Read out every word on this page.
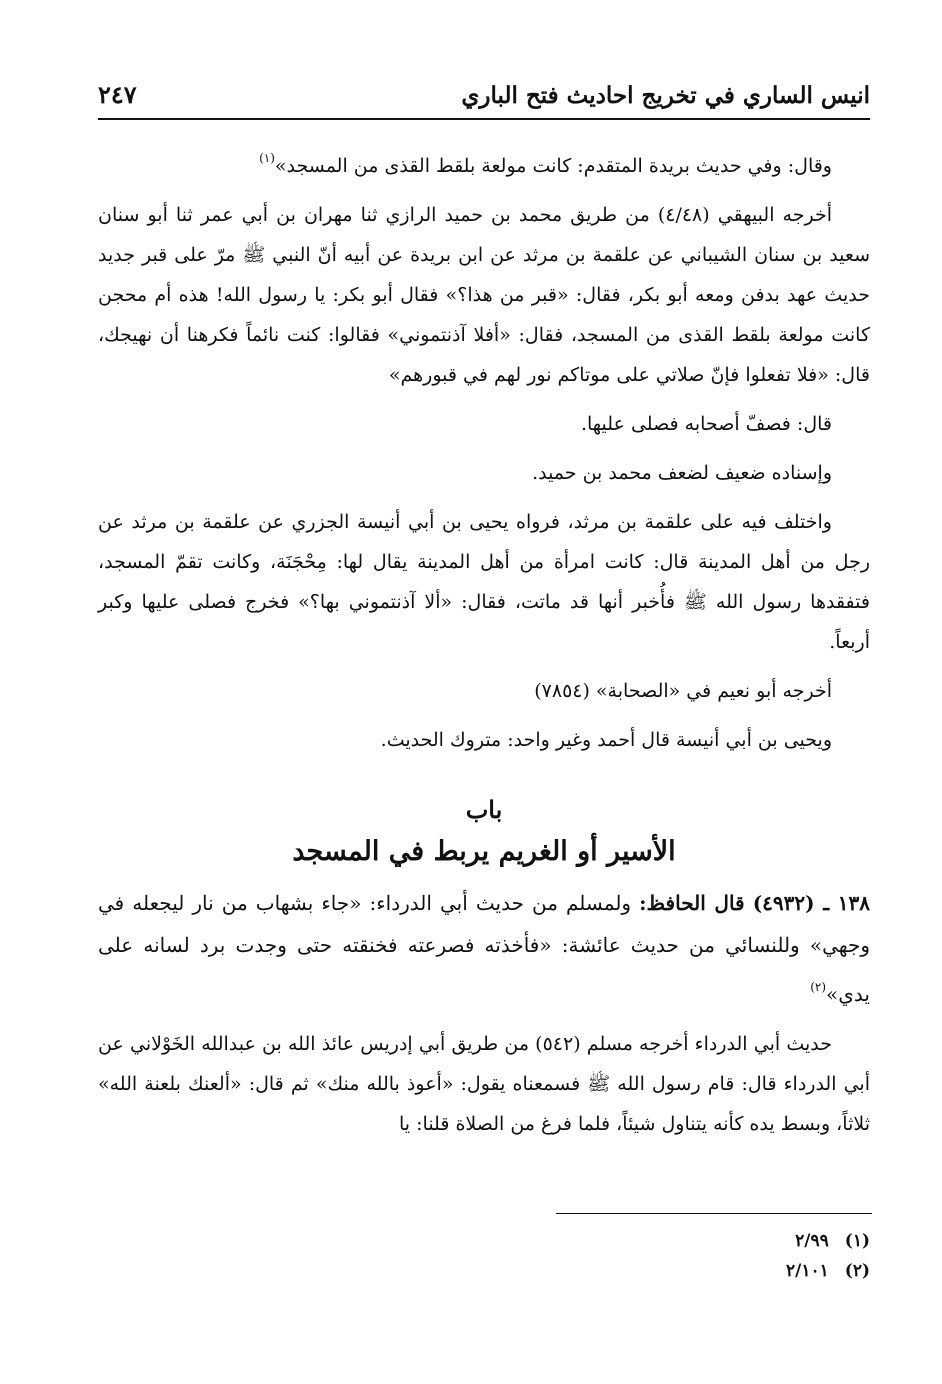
انيس الساري في تخريج احاديث فتح الباري
٢٤٧

وقال: وفي حديث بريدة المتقدم: كانت مولعة بلقط القذى من المسجد»$^{(١)}$

أخرجه البيهقي (٤/٤٨) من طريق محمد بن حميد الرازي ثنا مهران بن أبي عمر ثنا أبو سنان سعيد بن سنان الشيباني عن علقمة بن مرثد عن ابن بريدة عن أبيه أنّ النبي ﷺ مرّ على قبر جديد حديث عهد بدفن ومعه أبو بكر، فقال: «قبر من هذا؟» فقال أبو بكر: يا رسول الله! هذه أم محجن كانت مولعة بلقط القذى من المسجد، فقال: «أفلا آذنتموني» فقالوا: كنت نائماً فكرهنا أن نهيجك، قال: «فلا تفعلوا فإنّ صلاتي على موتاكم نور لهم في قبورهم»

قال: فصفّ أصحابه فصلى عليها.

وإسناده ضعيف لضعف محمد بن حميد.

واختلف فيه على علقمة بن مرثد، فرواه يحيى بن أبي أنيسة الجزري عن علقمة بن مرثد عن رجل من أهل المدينة قال: كانت امرأة من أهل المدينة يقال لها: مِحْجَنَة، وكانت تقمّ المسجد، فتفقدها رسول الله ﷺ فأُخبر أنها قد ماتت، فقال: «ألا آذنتموني بها؟» فخرج فصلى عليها وكبر أربعاً.

أخرجه أبو نعيم في «الصحابة» (٧٨٥٤)

ويحيى بن أبي أنيسة قال أحمد وغير واحد: متروك الحديث.

باب
الأسير أو الغريم يربط في المسجد

١٣٨ ـ (٤٩٣٢) قال الحافظ: ولمسلم من حديث أبي الدرداء: «جاء بشهاب من نار ليجعله في وجهي» وللنسائي من حديث عائشة: «فأخذته فصرعته فخنقته حتى وجدت برد لسانه على يدي»$^{(٢)}$

حديث أبي الدرداء أخرجه مسلم (٥٤٢) من طريق أبي إدريس عائذ الله بن عبدالله الخَوْلاني عن أبي الدرداء قال: قام رسول الله ﷺ فسمعناه يقول: «أعوذ بالله منك» ثم قال: «ألعنك بلعنة الله» ثلاثاً، وبسط يده كأنه يتناول شيئاً، فلما فرغ من الصلاة قلنا: يا

(١)٢/٩٩
(٢)٢/١٠١
